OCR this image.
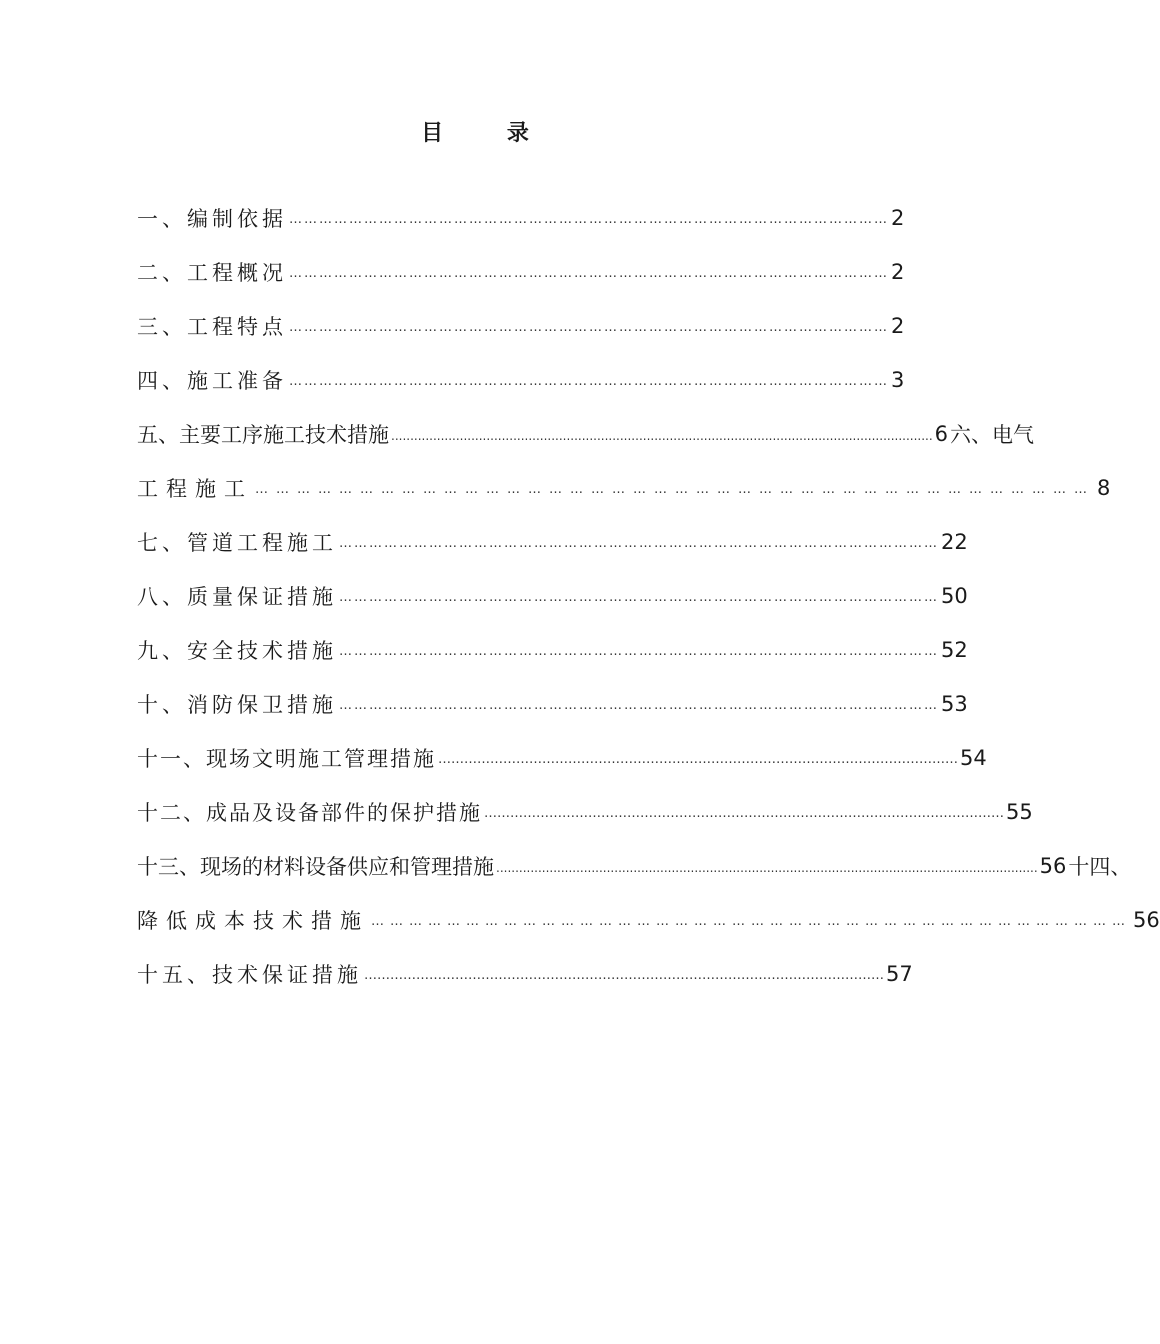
目 录
一、编制依据 ………………………………………………………………………………………………………… 2
二、工程概况 ………………………………………………………………………………………………………… 2
三、工程特点 ………………………………………………………………………………………………………… 2
四、施工准备 ………………………………………………………………………………………………………… 3
五、主要工序施工技术措施 .............................................................................................................................................. 6 六、电气
工程施工 ………………………………………………………………………………………………………… 8
七、管道工程施工 ………………………………………………………………………………………………………… 22
八、质量保证措施 ………………………………………………………………………………………………………… 50
九、安全技术措施 ………………………………………………………………………………………………………… 52
十、消防保卫措施 ………………………………………………………………………………………………………… 53
十一、现场文明施工管理措施 ………………………………………………………………………………………………………… 54
十二、成品及设备部件的保护措施 ………………………………………………………………………………………………………… 55
十三、现场的材料设备供应和管理措施 .............................................................................................................................................. 56 十四、
降低成本技术措施 ………………………………………………………………………………………………………… 56
十五、技术保证措施 ………………………………………………………………………………………………………… 57
